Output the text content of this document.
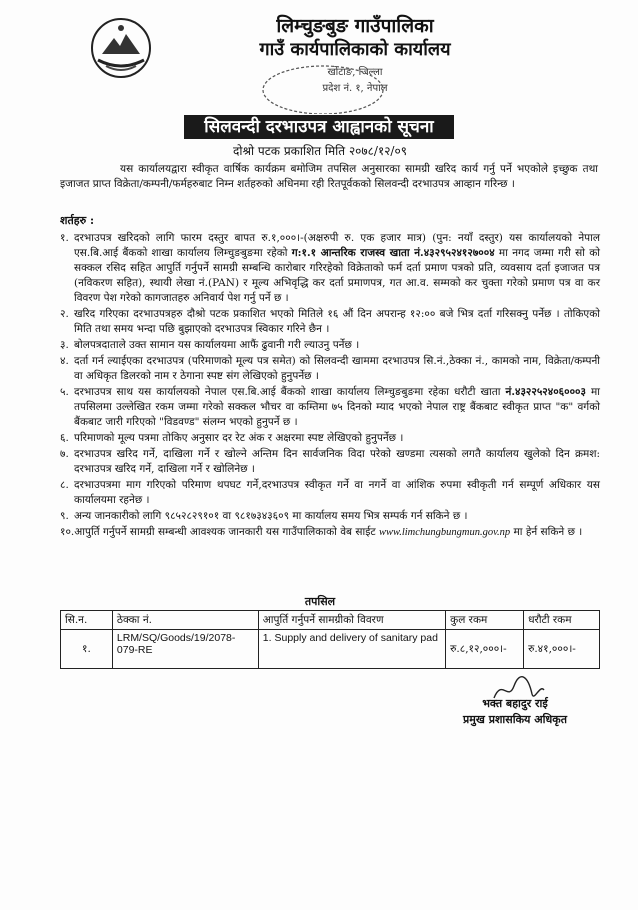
लिम्चुङबुङ गाउँपालिका
गाउँ कार्यपालिकाको कार्यालय
खोटाङ, जिल्ला
प्रदेश नं. १, नेपाल
सिलवन्दी दरभाउपत्र आह्वानको सूचना
दोश्रो पटक प्रकाशित मिति २०७८/१२/०९
यस कार्यालयद्वारा स्वीकृत वार्षिक कार्यक्रम बमोजिम तपसिल अनुसारका सामग्री खरिद कार्य गर्नु पर्ने भएकोले इच्छुक तथा इजाजत प्राप्त विक्रेता/कम्पनी/फर्महरुबाट निम्न शर्तहरुको अधिनमा रही रितपूर्वकको सिलवन्दी दरभाउपत्र आव्हान गरिन्छ ।
शर्तहरु :
१. दरभाउपत्र खरिदको लागि फारम दस्तुर बापत रु.१,०००।-(अक्षरुपी रु. एक हजार मात्र) (पुन: नयाँ दस्तुर) यस कार्यालयको नेपाल एस.बि.आई बैंकको शाखा कार्यालय लिम्चुङबुङमा रहेको ग:१.१ आन्तरिक राजस्व खाता नं.४३२९५२४१२७००४ मा नगद जम्मा गरी सो को सक्कल रसिद सहित आपुर्ति गर्नुपर्ने सामग्री सम्बन्धि कारोबार गरिरहेको विक्रेताको फर्म दर्ता प्रमाण पत्रको प्रति, व्यवसाय दर्ता इजाजत पत्र (नविकरण सहित), स्थायी लेखा नं.(PAN) र मूल्य अभिवृद्धि कर दर्ता प्रमाणपत्र, गत आ.व. सम्मको कर चुक्ता गरेको प्रमाण पत्र वा कर विवरण पेश गरेको कागजातहरु अनिवार्य पेश गर्नु पर्ने छ ।
२. खरिद गरिएका दरभाउपत्रहरु दौश्रो पटक प्रकाशित भएको मितिले १६ औं दिन अपरान्ह १२:०० बजे भित्र दर्ता गरिसक्नु पर्नेछ । तोकिएको मिति तथा समय भन्दा पछि बुझाएको दरभाउपत्र स्विकार गरिने छैन ।
३. बोलपत्रदाताले उक्त सामान यस कार्यालयमा आफैं ढुवानी गरी ल्याउनु पर्नेछ ।
४. दर्ता गर्न ल्याईएका दरभाउपत्र (परिमाणको मूल्य पत्र समेत) को सिलवन्दी खाममा दरभाउपत्र सि.नं.,ठेक्का नं., कामको नाम, विक्रेता/कम्पनी वा अधिकृत डिलरको नाम र ठेगाना स्पष्ट संग लेखिएको हुनुपर्नेछ ।
५. दरभाउपत्र साथ यस कार्यालयको नेपाल एस.बि.आई बैंकको शाखा कार्यालय लिम्चुङबुङमा रहेका धरौटी खाता नं.४३२२५२४०६०००३ मा तपसिलमा उल्लेखित रकम जम्मा गरेको सक्कल भौचर वा कम्तिमा ७५ दिनको म्याद भएको नेपाल राष्ट्र बैंकबाट स्वीकृत प्राप्त "क" वर्गको बैंकबाट जारी गरिएको "विडवण्ड" संलग्न भएको हुनुपर्ने छ ।
६. परिमाणको मूल्य पत्रमा तोकिए अनुसार दर रेट अंक र अक्षरमा स्पष्ट लेखिएको हुनुपर्नेछ ।
७. दरभाउपत्र खरिद गर्ने, दाखिला गर्ने र खोल्ने अन्तिम दिन सार्वजनिक विदा परेको खण्डमा त्यसको लगतै कार्यालय खुलेको दिन क्रमश: दरभाउपत्र खरिद गर्ने, दाखिला गर्ने र खोलिनेछ ।
८. दरभाउपत्रमा माग गरिएको परिमाण थपघट गर्ने,दरभाउपत्र स्वीकृत गर्ने वा नगर्ने वा आंशिक रुपमा स्वीकृती गर्न सम्पूर्ण अधिकार यस कार्यालयमा रहनेछ ।
९. अन्य जानकारीको लागि ९८५२८२९१०१ वा ९८१७३४३६०९ मा कार्यालय समय भित्र सम्पर्क गर्न सकिने छ ।
१०. आपुर्ति गर्नुपर्ने सामग्री सम्बन्धी आवश्यक जानकारी यस गाउँपालिकाको वेब साईट www.limchungbungmun.gov.np मा हेर्न सकिने छ ।
तपसिल
सि.न.	ठेक्का नं.	आपुर्ति गर्नुपर्ने सामग्रीको विवरण	कुल रकम	धरौटी रकम
१.	LRM/SQ/Goods/19/2078-079-RE	1. Supply and delivery of sanitary pad	रु.८,१२,०००।-	रु.४१,०००।-
भक्त बहादुर राई
प्रमुख प्रशासकिय अधिकृत
